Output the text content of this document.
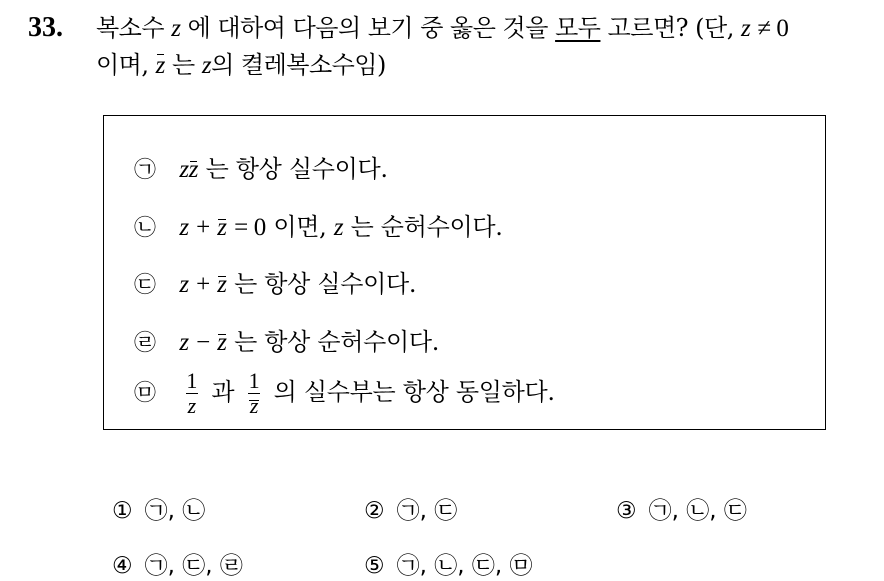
33. 복소수 z 에 대하여 다음의 보기 중 옳은 것을 모두 고르면? (단, z ≠ 0
이며, z 는 z의 켤레복소수임)
㉠ zz 는 항상 실수이다.
㉡ z + z = 0 이면, z 는 순허수이다.
㉢ z + z 는 항상 실수이다.
㉣ z − z 는 항상 순허수이다.
㉤ $\frac{1}{z}$ 과 $\frac{1}{z}$ 의 실수부는 항상 동일하다.
① ㉠, ㉡	② ㉠, ㉢	③ ㉠, ㉡, ㉢
④ ㉠, ㉢, ㉣	⑤ ㉠, ㉡, ㉢, ㉤
